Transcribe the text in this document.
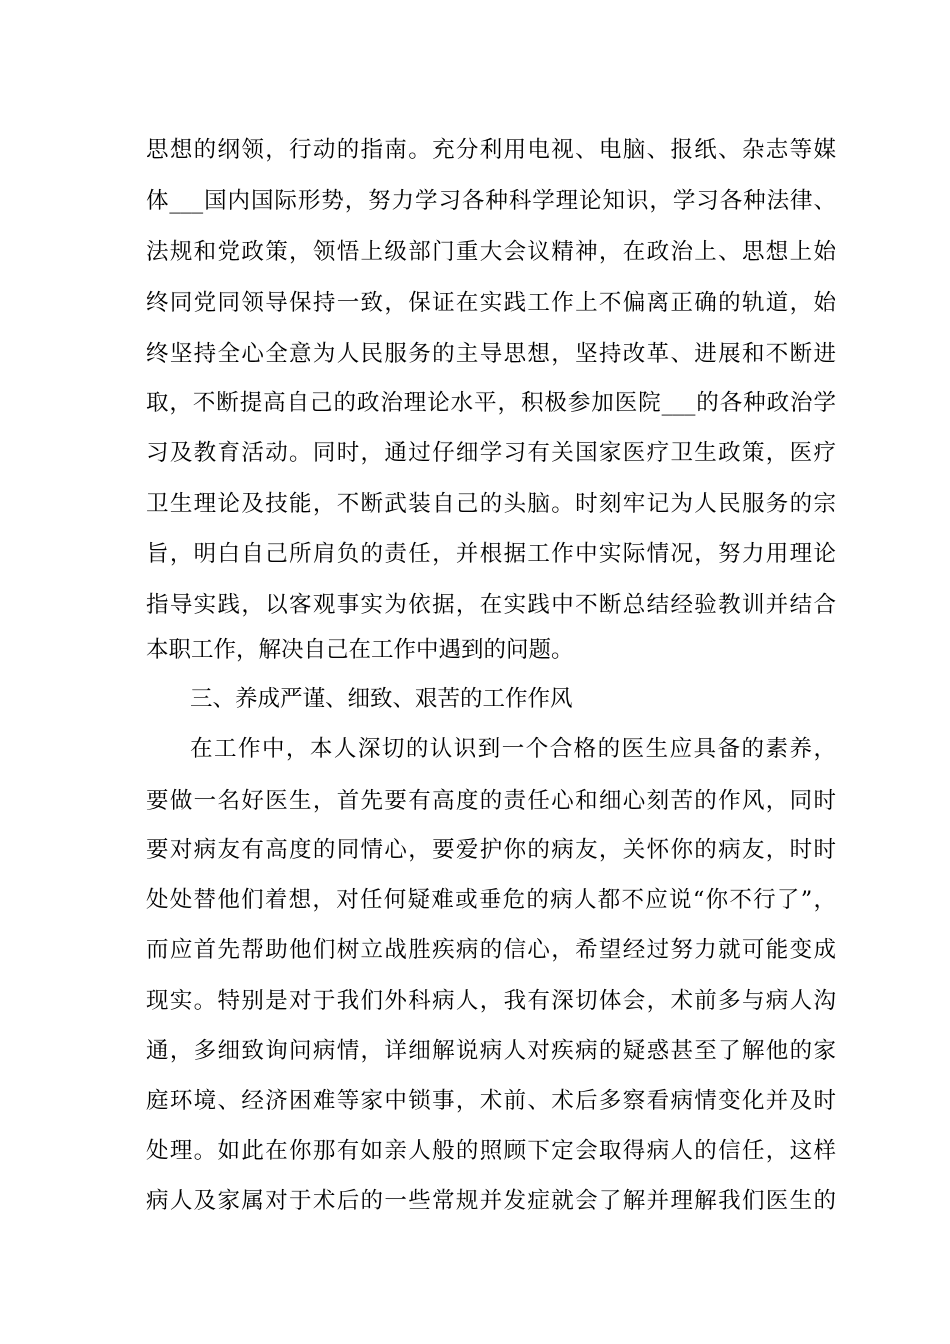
思想的纲领，行动的指南。充分利用电视、电脑、报纸、杂志等媒
体___国内国际形势，努力学习各种科学理论知识，学习各种法律、
法规和党政策，领悟上级部门重大会议精神，在政治上、思想上始
终同党同领导保持一致，保证在实践工作上不偏离正确的轨道，始
终坚持全心全意为人民服务的主导思想，坚持改革、进展和不断进
取，不断提高自己的政治理论水平，积极参加医院___的各种政治学
习及教育活动。同时，通过仔细学习有关国家医疗卫生政策，医疗
卫生理论及技能，不断武装自己的头脑。时刻牢记为人民服务的宗
旨，明白自己所肩负的责任，并根据工作中实际情况，努力用理论
指导实践，以客观事实为依据，在实践中不断总结经验教训并结合
本职工作，解决自己在工作中遇到的问题。
三、养成严谨、细致、艰苦的工作作风
在工作中，本人深切的认识到一个合格的医生应具备的素养，
要做一名好医生，首先要有高度的责任心和细心刻苦的作风，同时
要对病友有高度的同情心，要爱护你的病友，关怀你的病友，时时
处处替他们着想，对任何疑难或垂危的病人都不应说“你不行了”，
而应首先帮助他们树立战胜疾病的信心，希望经过努力就可能变成
现实。特别是对于我们外科病人，我有深切体会，术前多与病人沟
通，多细致询问病情，详细解说病人对疾病的疑惑甚至了解他的家
庭环境、经济困难等家中锁事，术前、术后多察看病情变化并及时
处理。如此在你那有如亲人般的照顾下定会取得病人的信任，这样
病人及家属对于术后的一些常规并发症就会了解并理解我们医生的
